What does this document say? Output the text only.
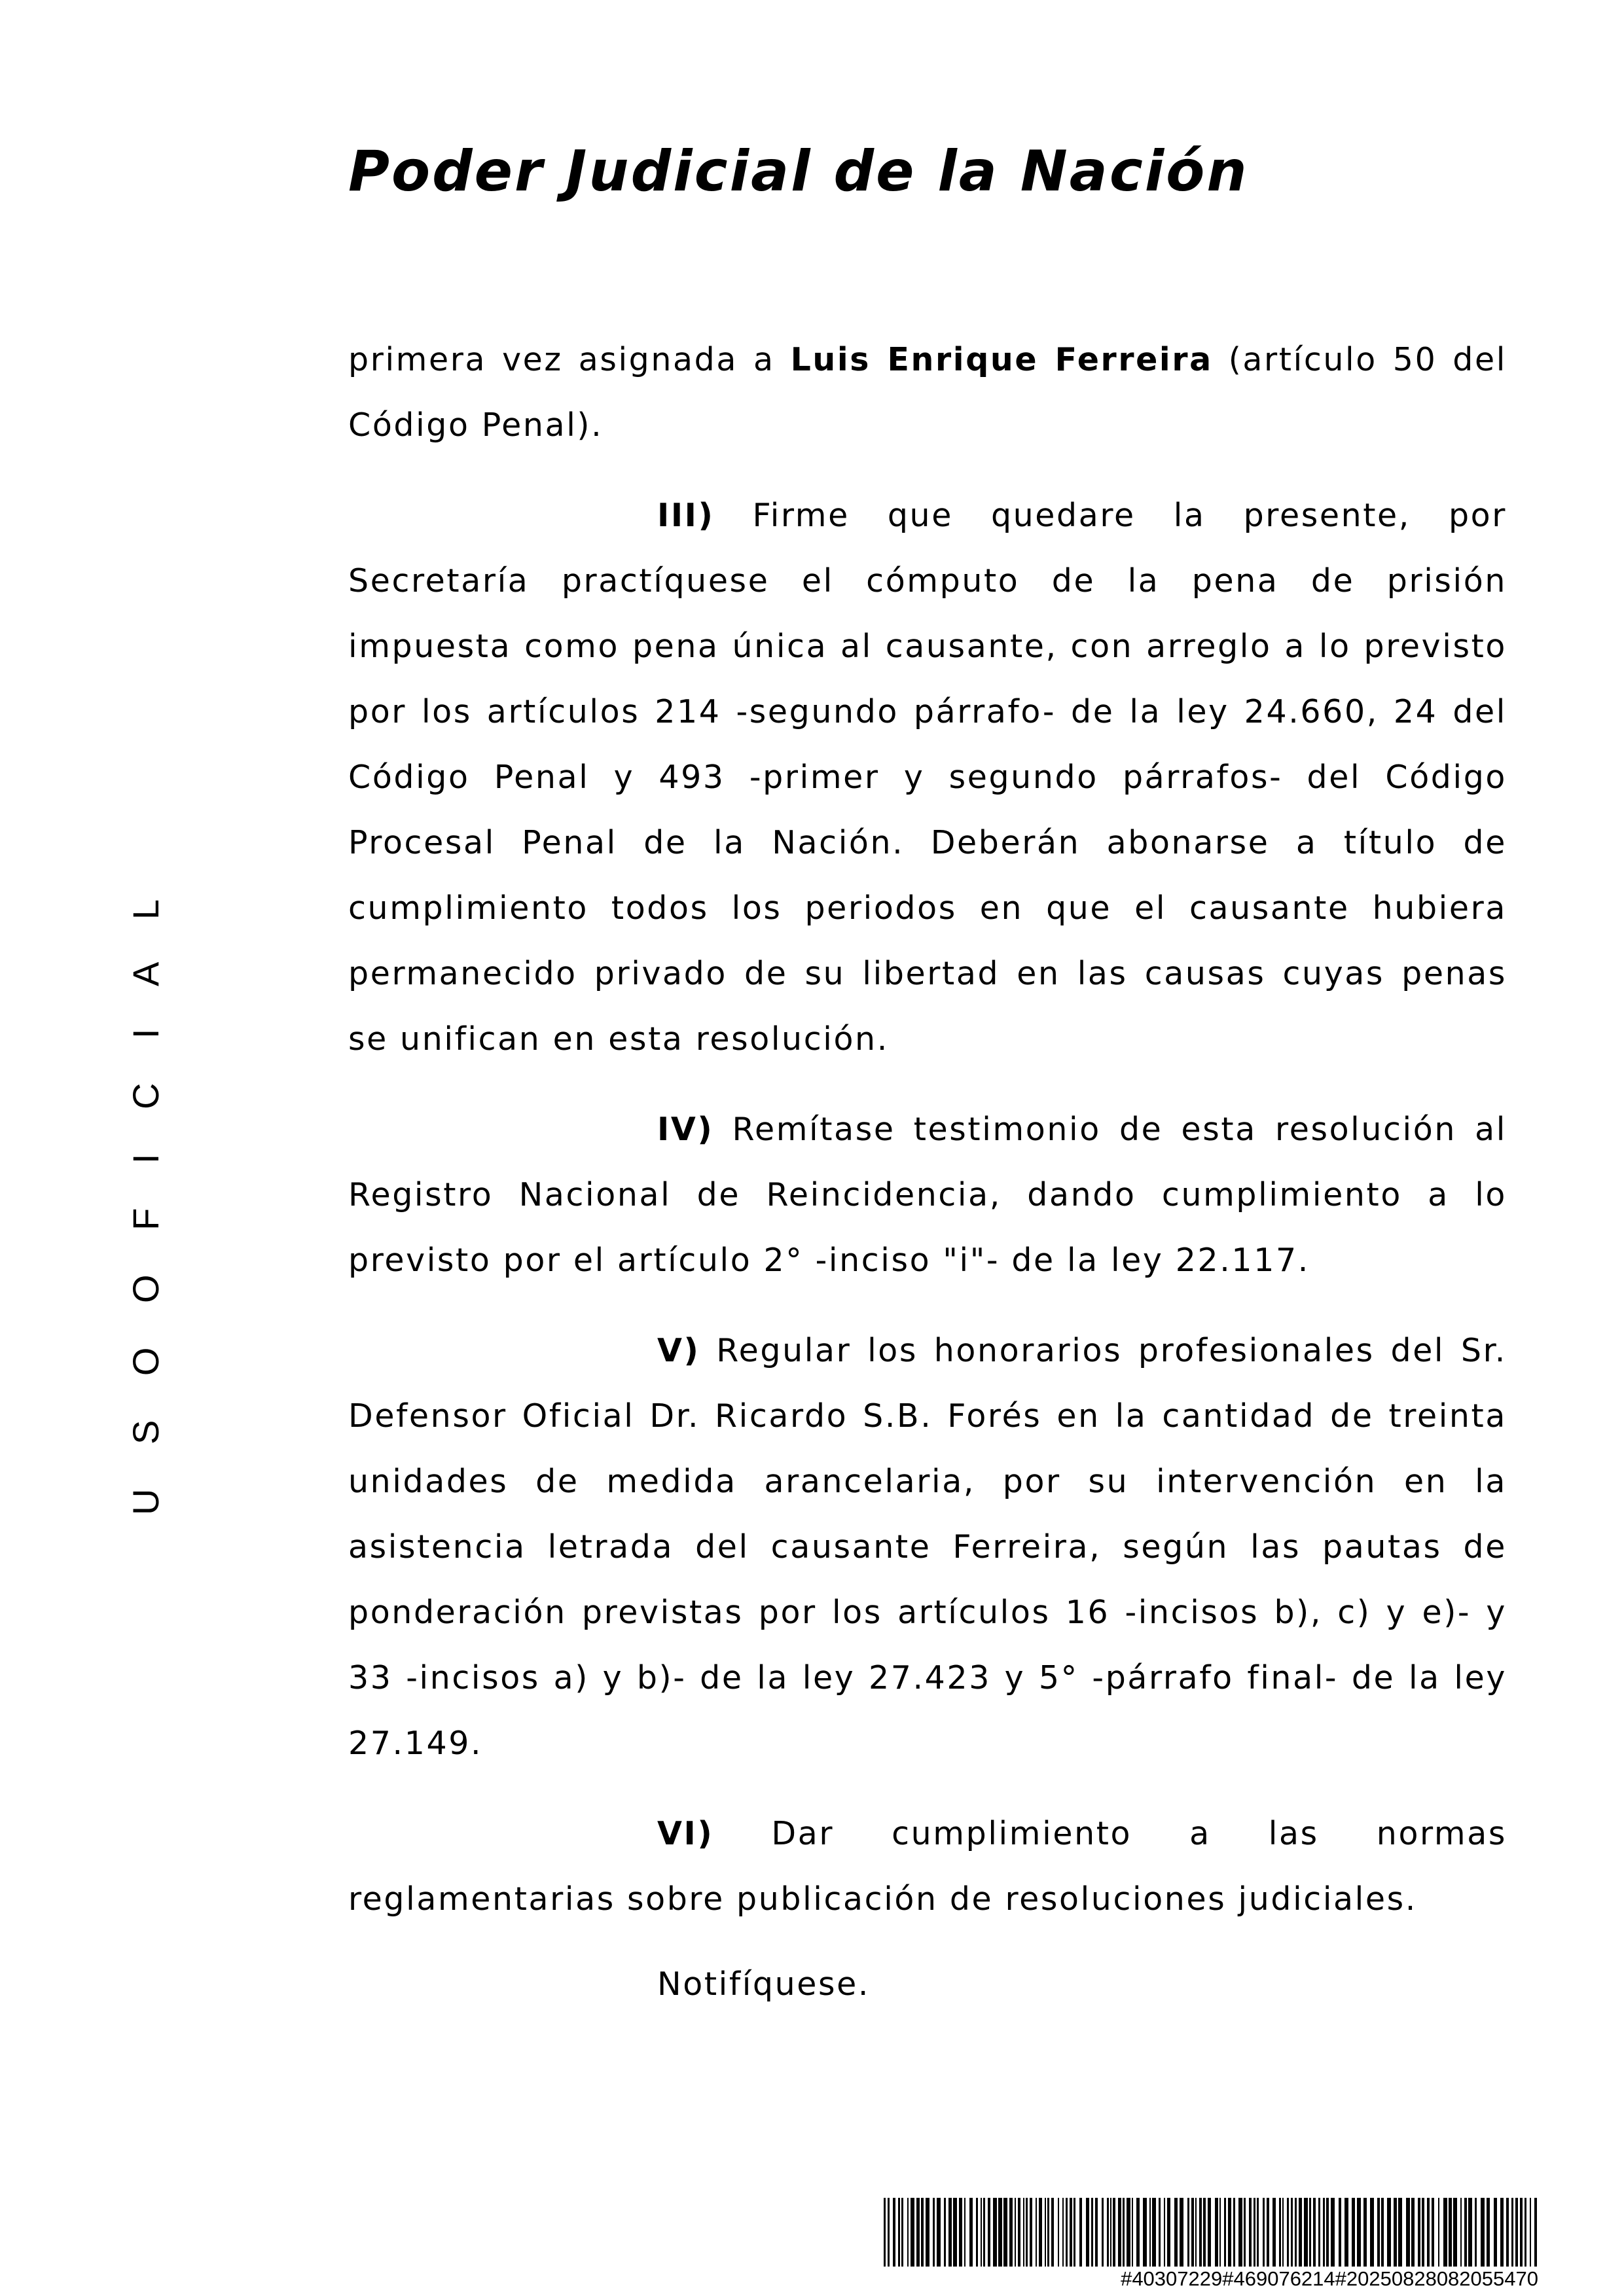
Poder Judicial de la Nación
U S O O F I C I A L

primera vez asignada a Luis Enrique Ferreira (artículo 50 del Código Penal).

III) Firme que quedare la presente, por Secretaría practíquese el cómputo de la pena de prisión impuesta como pena única al causante, con arreglo a lo previsto por los artículos 214 -segundo párrafo- de la ley 24.660, 24 del Código Penal y 493 -primer y segundo párrafos- del Código Procesal Penal de la Nación. Deberán abonarse a título de cumplimiento todos los periodos en que el causante hubiera permanecido privado de su libertad en las causas cuyas penas se unifican en esta resolución.

IV) Remítase testimonio de esta resolución al Registro Nacional de Reincidencia, dando cumplimiento a lo previsto por el artículo 2° -inciso "i"- de la ley 22.117.

V) Regular los honorarios profesionales del Sr. Defensor Oficial Dr. Ricardo S.B. Forés en la cantidad de treinta unidades de medida arancelaria, por su intervención en la asistencia letrada del causante Ferreira, según las pautas de ponderación previstas por los artículos 16 -incisos b), c) y e)- y 33 -incisos a) y b)- de la ley 27.423 y 5° -párrafo final- de la ley 27.149.

VI) Dar cumplimiento a las normas reglamentarias sobre publicación de resoluciones judiciales.

Notifíquese.

#40307229#469076214#20250828082055470
